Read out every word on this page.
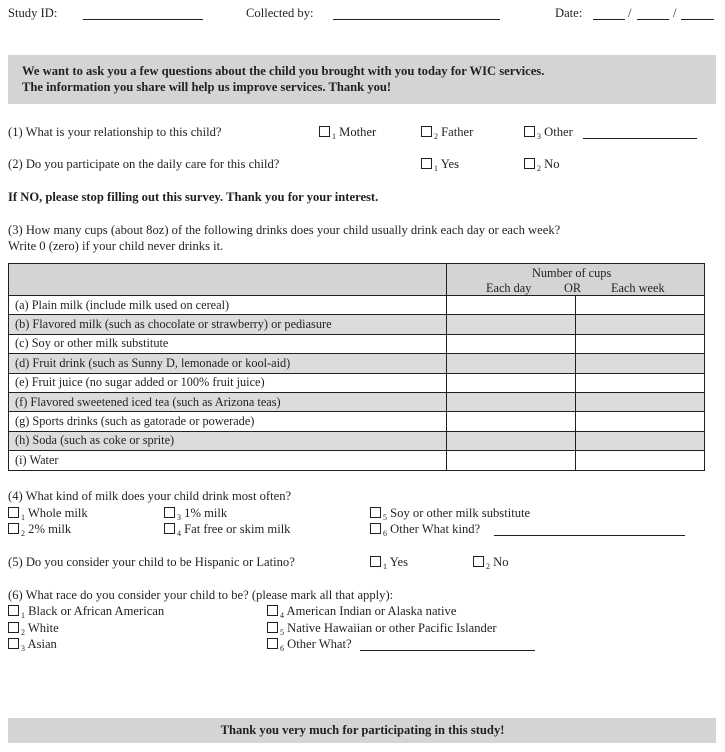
Study ID:	Collected by:	Date:	/	/
We want to ask you a few questions about the child you brought with you today for WIC services.
The information you share will help us improve services. Thank you!
(1) What is your relationship to this child?	$_1$ Mother	$_2$ Father	$_3$ Other
(2) Do you participate on the daily care for this child?	$_1$ Yes	$_2$ No
If NO, please stop filling out this survey. Thank you for your interest.
(3) How many cups (about 8oz) of the following drinks does your child usually drink each day or each week?
Write 0 (zero) if your child never drinks it.

	Number of cups
Each day OR Each week	

(a) Plain milk (include milk used on cereal)		
(b) Flavored milk (such as chocolate or strawberry) or pediasure		
(c) Soy or other milk substitute		
(d) Fruit drink (such as Sunny D, lemonade or kool-aid)		
(e) Fruit juice (no sugar added or 100% fruit juice)		
(f) Flavored sweetened iced tea (such as Arizona teas)		
(g) Sports drinks (such as gatorade or powerade)		
(h) Soda (such as coke or sprite)		
(i) Water		
(4) What kind of milk does your child drink most often?
$_1$ Whole milk	$_3$ 1% milk	$_5$ Soy or other milk substitute
$_2$ 2% milk	$_4$ Fat free or skim milk	$_6$ Other What kind?
(5) Do you consider your child to be Hispanic or Latino?	$_1$ Yes	$_2$ No
(6) What race do you consider your child to be? (please mark all that apply):
$_1$ Black or African American
$_2$ White
$_3$ Asian
$_4$ American Indian or Alaska native
$_5$ Native Hawaiian or other Pacific Islander
$_6$ Other What?
Thank you very much for participating in this study!
